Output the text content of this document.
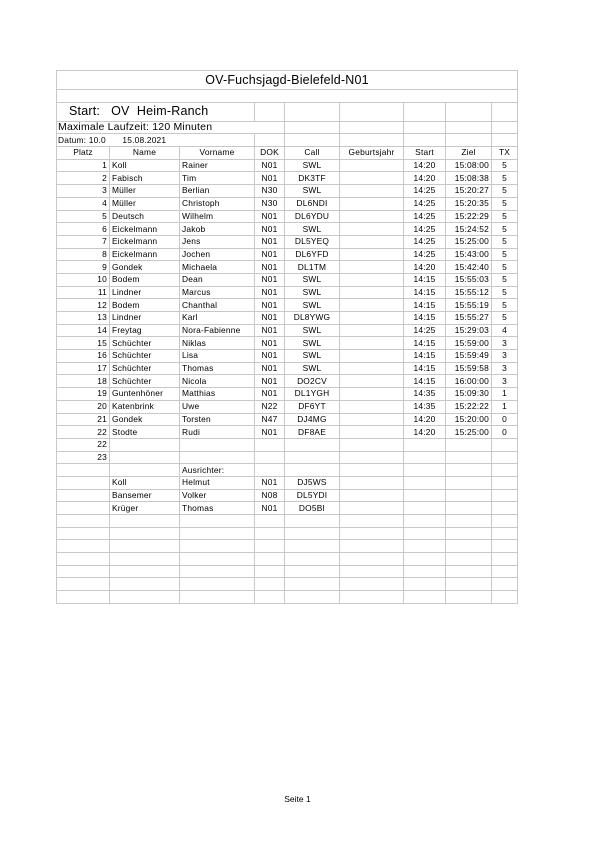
OV-Fuchsjagd-Bielefeld-N01								

Start:   OV  Heim-Ranch								
Maximale Laufzeit: 120 Minuten								
Datum: 10.0 15.08.2021								
Platz	Name	Vorname	DOK	Call	Geburtsjahr	Start	Ziel	TX
1	Koll	Rainer	N01	SWL		14:20	15:08:00	5
2	Fabisch	Tim	N01	DK3TF		14:20	15:08:38	5
3	Müller	Berlian	N30	SWL		14:25	15:20:27	5
4	Müller	Christoph	N30	DL6NDI		14:25	15:20:35	5
5	Deutsch	Wilhelm	N01	DL6YDU		14:25	15:22:29	5
6	Eickelmann	Jakob	N01	SWL		14:25	15:24:52	5
7	Eickelmann	Jens	N01	DL5YEQ		14:25	15:25:00	5
8	Eickelmann	Jochen	N01	DL6YFD		14:25	15:43:00	5
9	Gondek	Michaela	N01	DL1TM		14:20	15:42:40	5
10	Bodem	Dean	N01	SWL		14:15	15:55:03	5
11	Lindner	Marcus	N01	SWL		14:15	15:55:12	5
12	Bodem	Chanthal	N01	SWL		14:15	15:55:19	5
13	Lindner	Karl	N01	DL8YWG		14:15	15:55:27	5
14	Freytag	Nora-Fabienne	N01	SWL		14:25	15:29:03	4
15	Schüchter	Niklas	N01	SWL		14:15	15:59:00	3
16	Schüchter	Lisa	N01	SWL		14:15	15:59:49	3
17	Schüchter	Thomas	N01	SWL		14:15	15:59:58	3
18	Schüchter	Nicola	N01	DO2CV		14:15	16:00:00	3
19	Guntenhöner	Matthias	N01	DL1YGH		14:35	15:09:30	1
20	Katenbrink	Uwe	N22	DF6YT		14:35	15:22:22	1
21	Gondek	Torsten	N47	DJ4MG		14:20	15:20:00	0
22	Stodte	Rudi	N01	DF8AE		14:20	15:25:00	0
22								
23								
		Ausrichter:						
	Koll	Helmut	N01	DJ5WS				
	Bansemer	Volker	N08	DL5YDI				
	Krüger	Thomas	N01	DO5BI				

Seite 1
